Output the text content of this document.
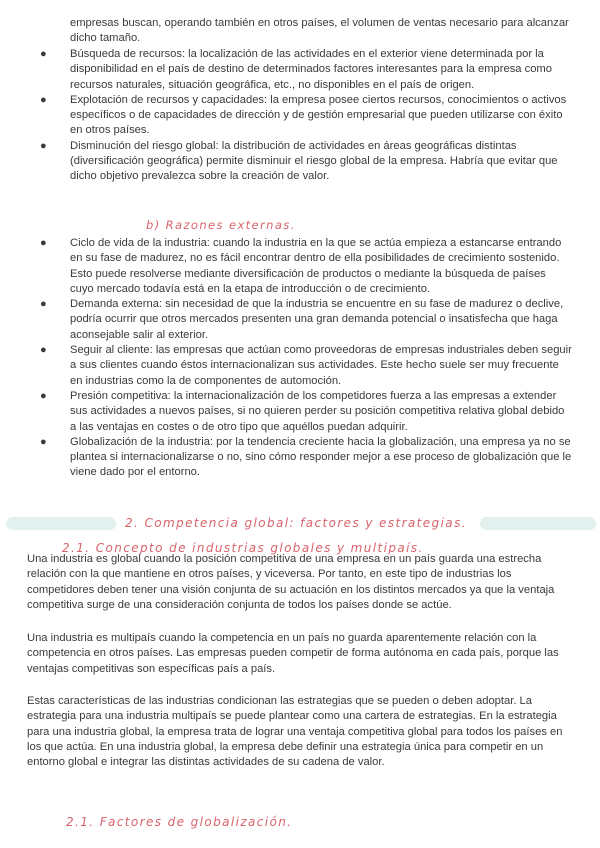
empresas buscan, operando también en otros países, el volumen de ventas necesario para alcanzar dicho tamaño.
● Búsqueda de recursos: la localización de las actividades en el exterior viene determinada por la disponibilidad en el país de destino de determinados factores interesantes para la empresa como recursos naturales, situación geográfica, etc., no disponibles en el país de origen.
● Explotación de recursos y capacidades: la empresa posee ciertos recursos, conocimientos o activos específicos o de capacidades de dirección y de gestión empresarial que pueden utilizarse con éxito en otros países.
● Disminución del riesgo global: la distribución de actividades en áreas geográficas distintas (diversificación geográfica) permite disminuir el riesgo global de la empresa. Habría que evitar que dicho objetivo prevalezca sobre la creación de valor.
b) Razones externas.
● Ciclo de vida de la industria: cuando la industria en la que se actúa empieza a estancarse entrando en su fase de madurez, no es fácil encontrar dentro de ella posibilidades de crecimiento sostenido. Esto puede resolverse mediante diversificación de productos o mediante la búsqueda de países cuyo mercado todavía está en la etapa de introducción o de crecimiento.
● Demanda externa: sin necesidad de que la industria se encuentre en su fase de madurez o declive, podría ocurrir que otros mercados presenten una gran demanda potencial o insatisfecha que haga aconsejable salir al exterior.
● Seguir al cliente: las empresas que actúan como proveedoras de empresas industriales deben seguir a sus clientes cuando éstos internacionalizan sus actividades. Este hecho suele ser muy frecuente en industrias como la de componentes de automoción.
● Presión competitiva: la internacionalización de los competidores fuerza a las empresas a extender sus actividades a nuevos países, si no quieren perder su posición competitiva relativa global debido a las ventajas en costes o de otro tipo que aquéllos puedan adquirir.
● Globalización de la industria: por la tendencia creciente hacia la globalización, una empresa ya no se plantea si internacionalizarse o no, sino cómo responder mejor a ese proceso de globalización que le viene dado por el entorno.
2. Competencia global: factores y estrategias.
2.1. Concepto de industrias globales y multipaís.

Una industria es global cuando la posición competitiva de una empresa en un país guarda una estrecha relación con la que mantiene en otros países, y viceversa. Por tanto, en este tipo de industrias los competidores deben tener una visión conjunta de su actuación en los distintos mercados ya que la ventaja competitiva surge de una consideración conjunta de todos los países donde se actúe.

Una industria es multipaís cuando la competencia en un país no guarda aparentemente relación con la competencia en otros países. Las empresas pueden competir de forma autónoma en cada país, porque las ventajas competitivas son específicas país a país.

Estas características de las industrias condicionan las estrategias que se pueden o deben adoptar. La estrategia para una industria multipaís se puede plantear como una cartera de estrategias. En la estrategia para una industria global, la empresa trata de lograr una ventaja competitiva global para todos los países en los que actúa. En una industria global, la empresa debe definir una estrategia única para competir en un entorno global e integrar las distintas actividades de su cadena de valor.

2.1. Factores de globalización.
